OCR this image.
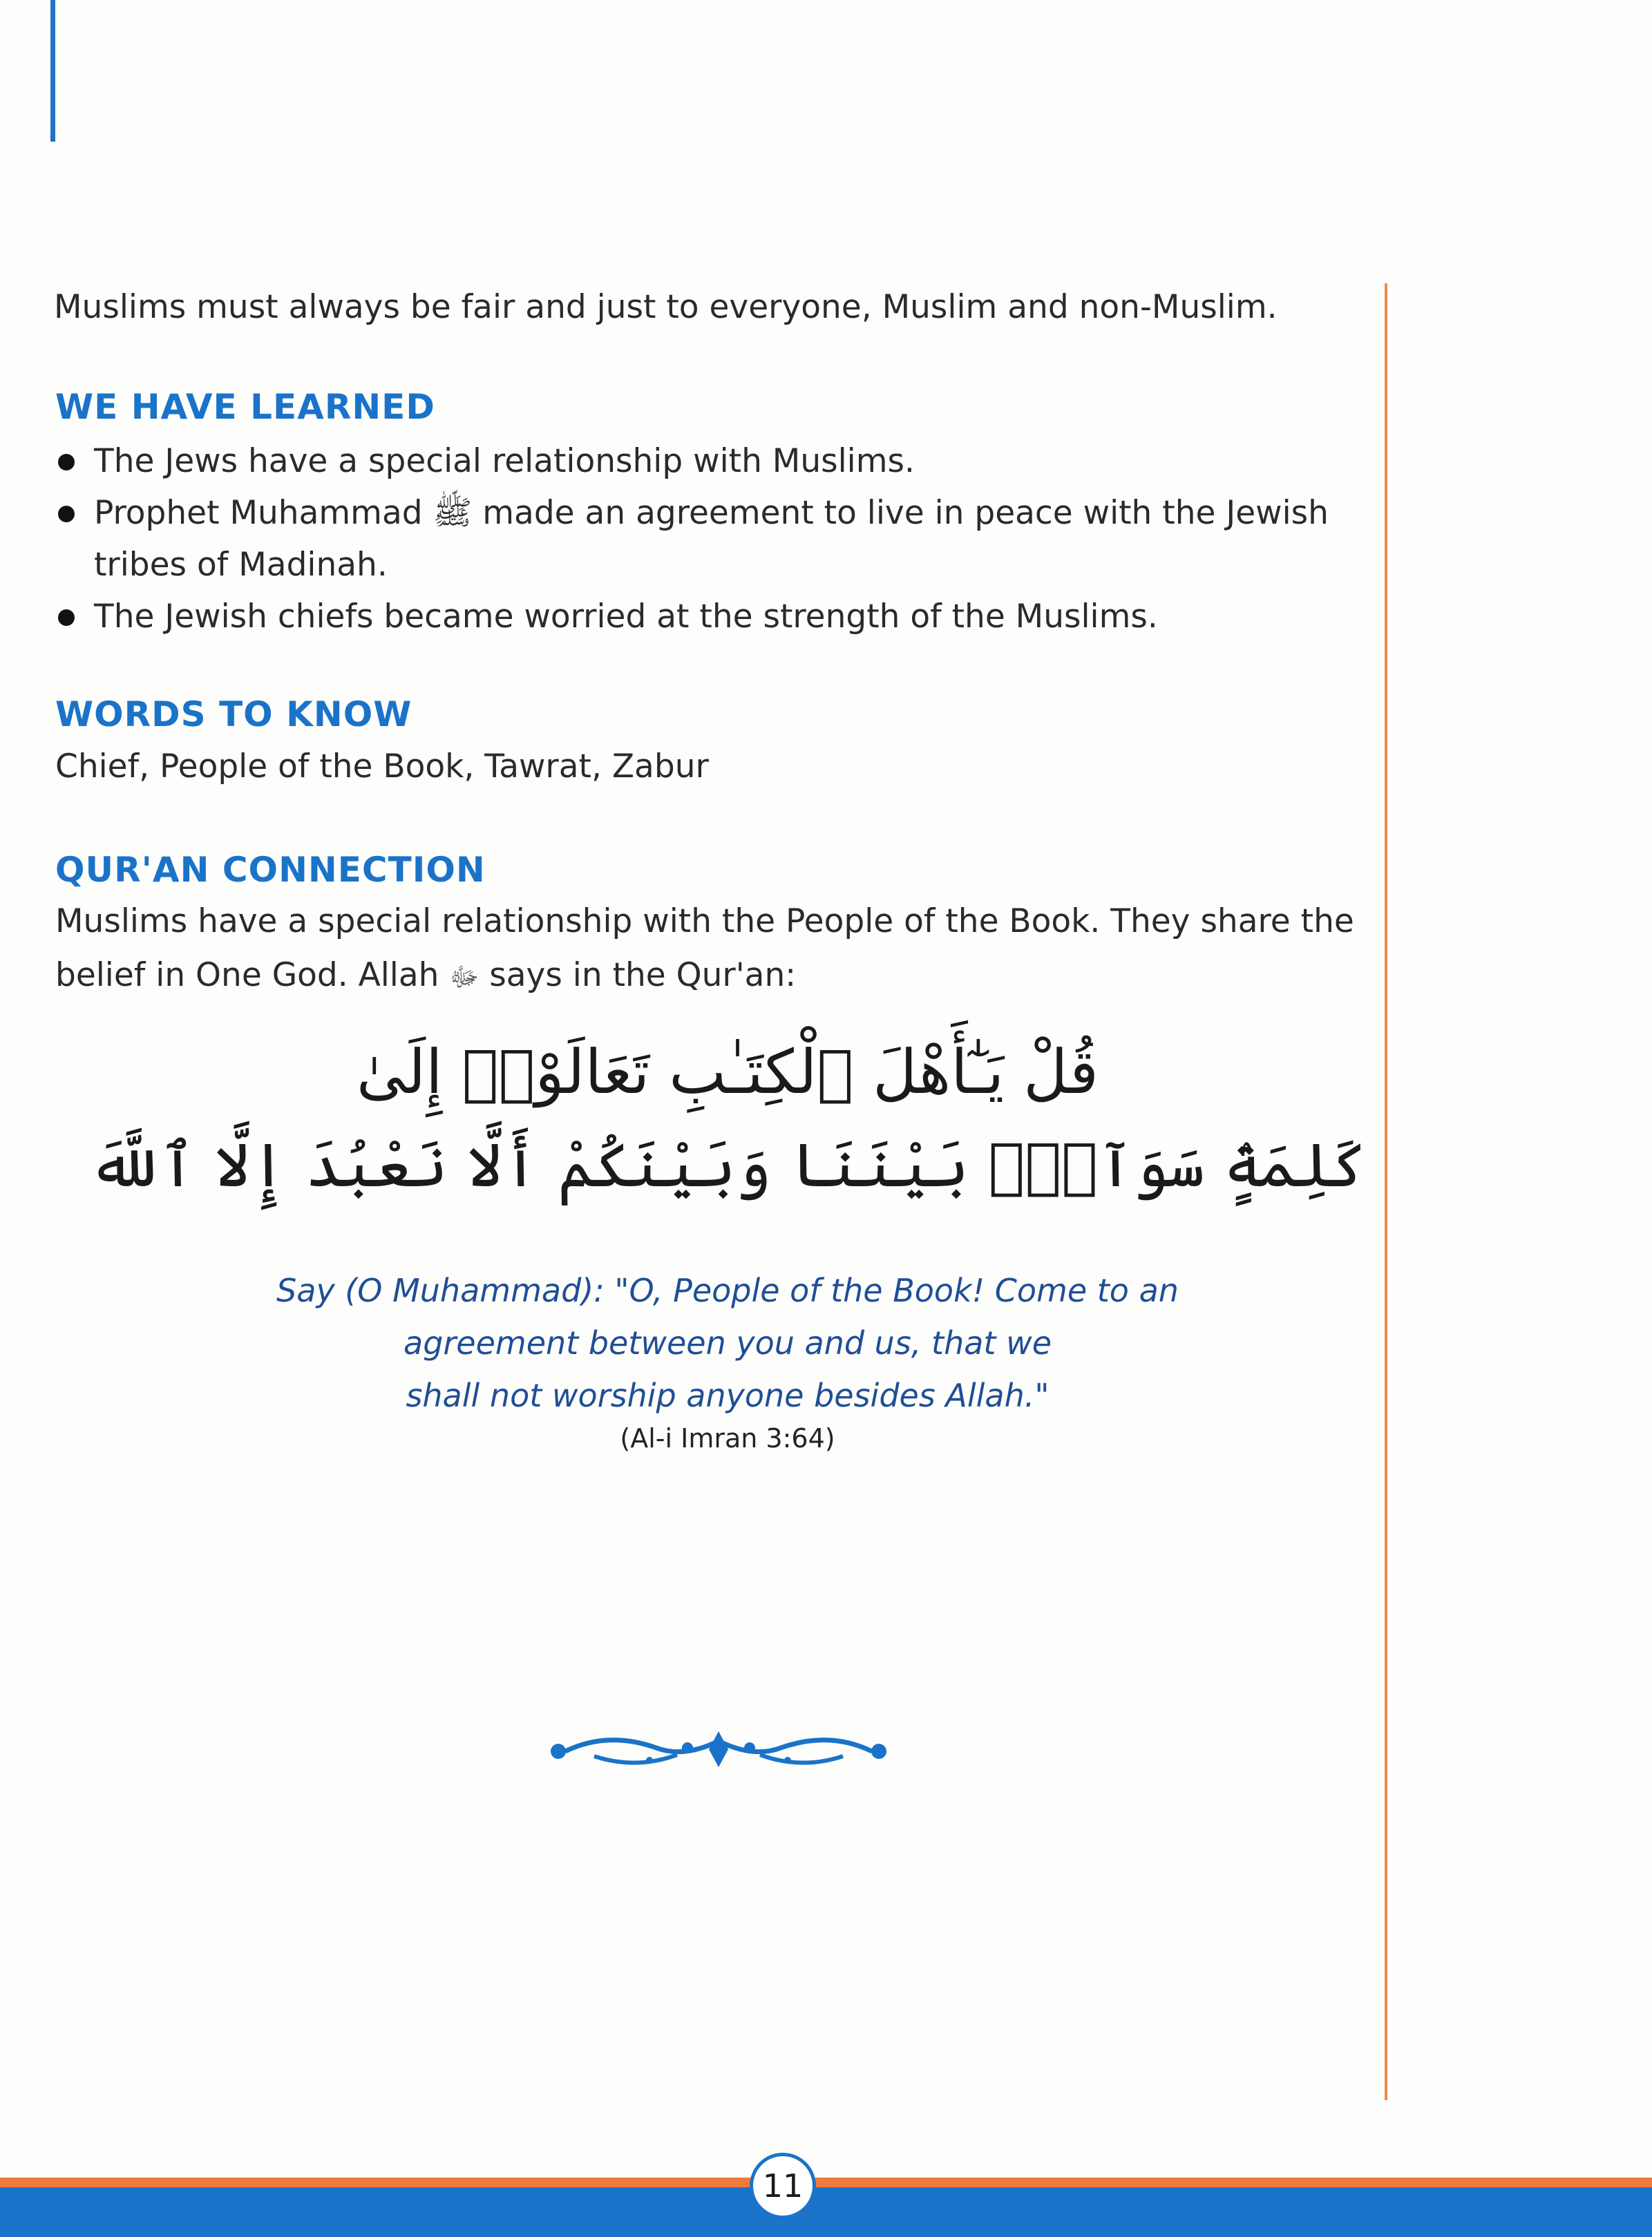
Muslims must always be fair and just to everyone, Muslim and non-Muslim.
WE HAVE LEARNED
The Jews have a special relationship with Muslims.
Prophet Muhammad ﷺ made an agreement to live in peace with the Jewish tribes of Madinah.
The Jewish chiefs became worried at the strength of the Muslims.
WORDS TO KNOW
Chief, People of the Book, Tawrat, Zabur
QUR'AN CONNECTION
Muslims have a special relationship with the People of the Book. They share the belief in One God. Allah ﷻ says in the Qur'an:
قُلْ يَـٰٓأَهْلَ ٱلْكِتَـٰبِ تَعَالَوْا۟ إِلَىٰ
كَلِمَةٍۢ سَوَآءٍۭ بَيْنَنَا وَبَيْنَكُمْ أَلَّا نَعْبُدَ إِلَّا ٱللَّهَ
Say (O Muhammad): "O, People of the Book! Come to an
agreement between you and us, that we
shall not worship anyone besides Allah."
(Al-i Imran 3:64)
11
